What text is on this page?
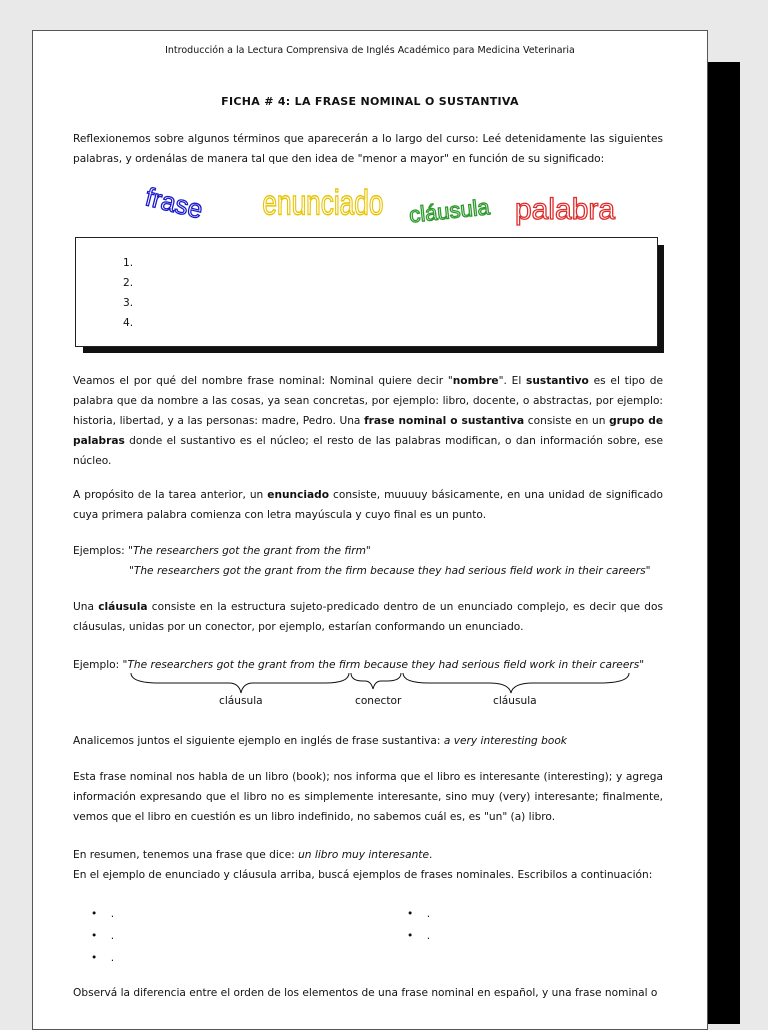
Introducción a la Lectura Comprensiva de Inglés Académico para Medicina Veterinaria
FICHA # 4: LA FRASE NOMINAL O SUSTANTIVA
Reflexionemos sobre algunos términos que aparecerán a lo largo del curso: Leé detenidamente las siguientes palabras, y ordenálas de manera tal que den idea de "menor a mayor" en función de su significado:
frase enunciado cláusula palabra
1.
2.
3.
4.
Veamos el por qué del nombre frase nominal: Nominal quiere decir "nombre". El sustantivo es el tipo de palabra que da nombre a las cosas, ya sean concretas, por ejemplo: libro, docente, o abstractas, por ejemplo: historia, libertad, y a las personas: madre, Pedro. Una frase nominal o sustantiva consiste en un grupo de palabras donde el sustantivo es el núcleo; el resto de las palabras modifican, o dan información sobre, ese núcleo.
A propósito de la tarea anterior, un enunciado consiste, muuuuy básicamente, en una unidad de significado cuya primera palabra comienza con letra mayúscula y cuyo final es un punto.
Ejemplos: "The researchers got the grant from the firm"
"The researchers got the grant from the firm because they had serious field work in their careers"
Una cláusula consiste en la estructura sujeto-predicado dentro de un enunciado complejo, es decir que dos cláusulas, unidas por un conector, por ejemplo, estarían conformando un enunciado.
Ejemplo: "The researchers got the grant from the firm because they had serious field work in their careers"
cláusula	conector	cláusula
Analicemos juntos el siguiente ejemplo en inglés de frase sustantiva: a very interesting book
Esta frase nominal nos habla de un libro (book); nos informa que el libro es interesante (interesting); y agrega información expresando que el libro no es simplemente interesante, sino muy (very) interesante; finalmente, vemos que el libro en cuestión es un libro indefinido, no sabemos cuál es, es "un" (a) libro.
En resumen, tenemos una frase que dice: un libro muy interesante.
En el ejemplo de enunciado y cláusula arriba, buscá ejemplos de frases nominales. Escribilos a continuación:
•    .
•    .
•    .
•    .
•    .
Observá la diferencia entre el orden de los elementos de una frase nominal en español, y una frase nominal o
